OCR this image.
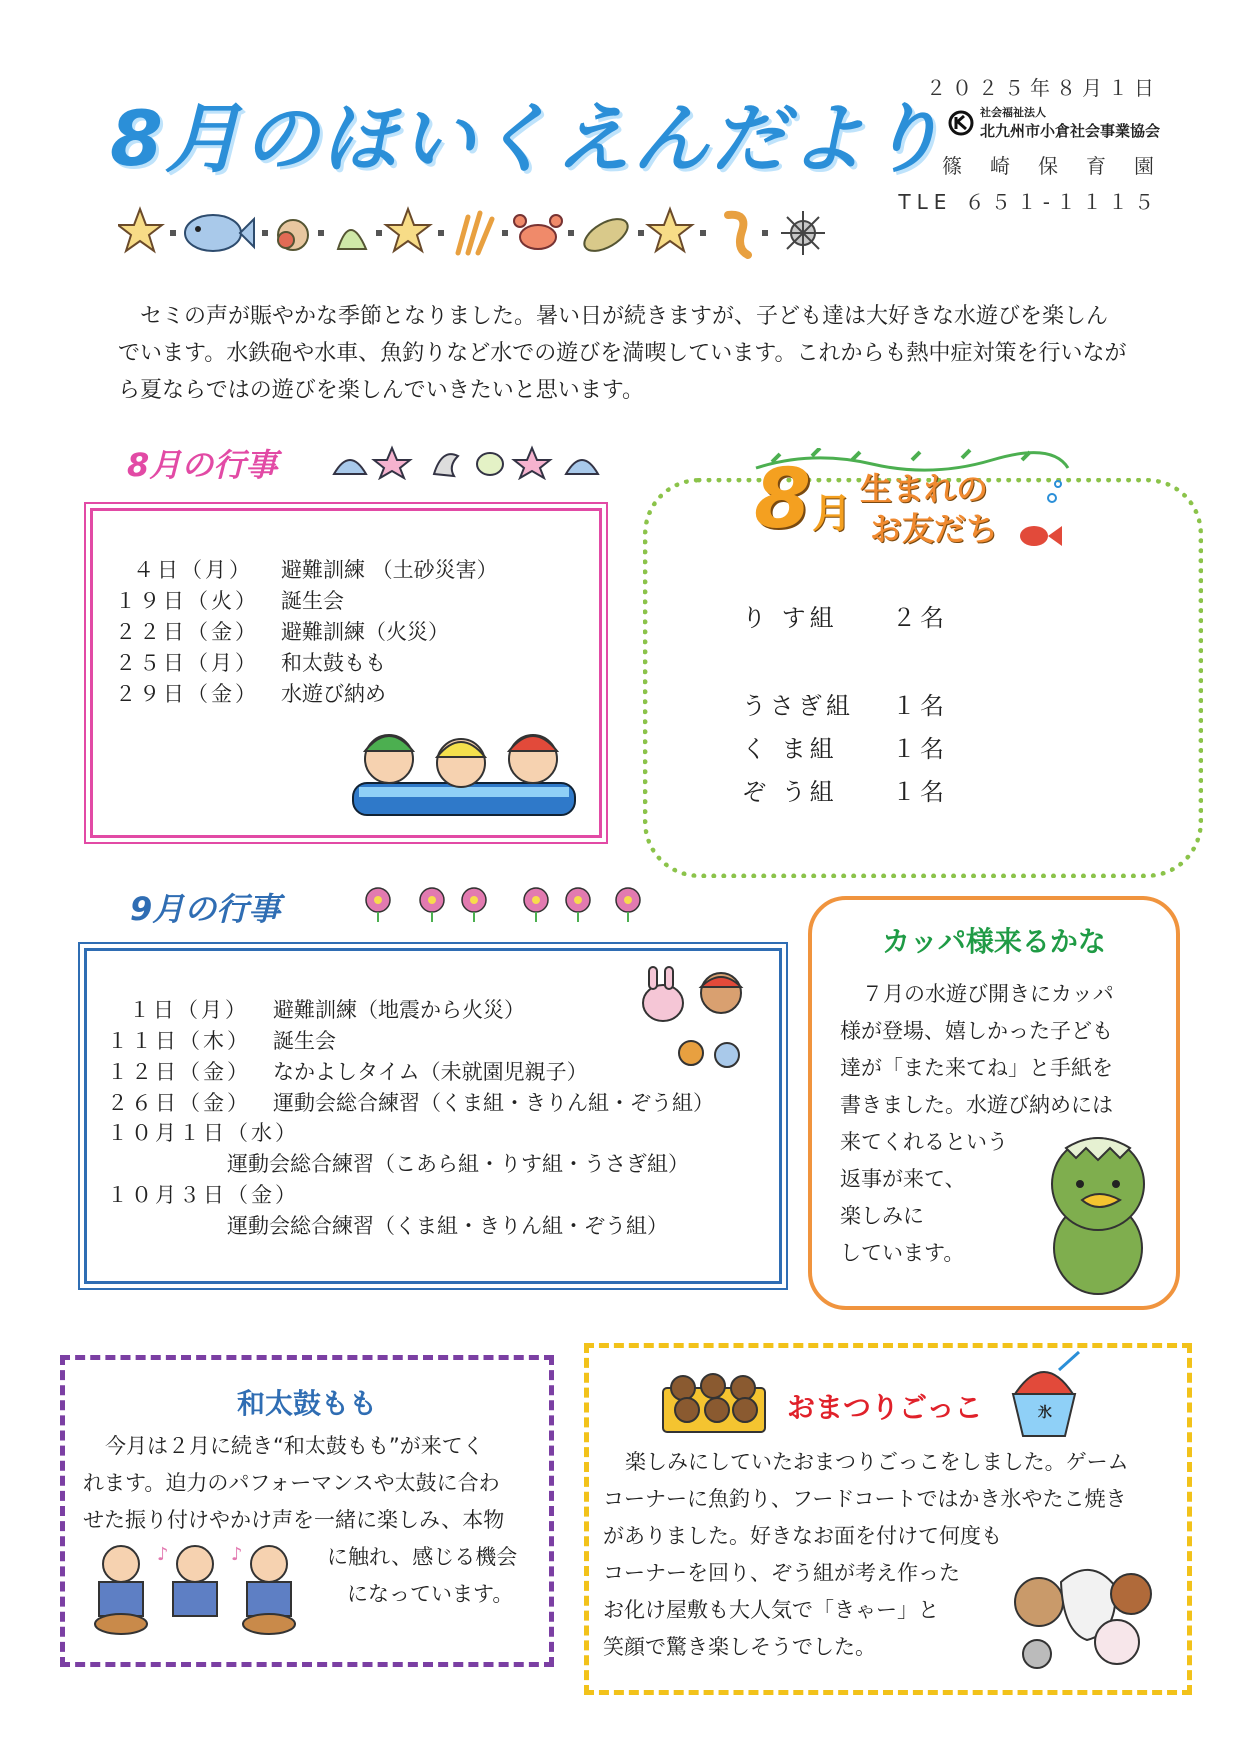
8月のほいくえんだより
２０２５年８月１日
社会福祉法人
北九州市小倉社会事業協会
篠崎保育園
TLE ６５１-１１１５
セミの声が賑やかな季節となりました。暑い日が続きますが、子ども達は大好きな水遊びを楽しんでいます。水鉄砲や水車、魚釣りなど水での遊びを満喫しています。これからも熱中症対策を行いながら夏ならではの遊びを楽しんでいきたいと思います。
8月の行事
４日（月）	避難訓練 （土砂災害）
１９日（火）	誕生会
２２日（金）	避難訓練（火災）
２５日（月）	和太鼓もも
２９日（金）	水遊び納め
8 月
生まれの
お友だち
り す組 ２名
うさぎ組 １名
く ま組 １名
ぞ う組 １名
9月の行事
１日（月）	避難訓練（地震から火災）
１１日（木）	誕生会
１２日（金）	なかよしタイム（未就園児親子）
２６日（金）	運動会総合練習（くま組・きりん組・ぞう組）
１０月１日（水）
運動会総合練習（こあら組・りす組・うさぎ組）
１０月３日（金）
運動会総合練習（くま組・きりん組・ぞう組）
カッパ様来るかな
７月の水遊び開きにカッパ
様が登場、嬉しかった子ども
達が「また来てね」と手紙を
書きました。水遊び納めには
来てくれるという
返事が来て、
楽しみに
しています。
和太鼓もも
今月は２月に続き“和太鼓もも”が来てく
れます。迫力のパフォーマンスや太鼓に合わ
せた振り付けやかけ声を一緒に楽しみ、本物
に触れ、感じる機会
になっています。
♪	♪
おまつりごっこ	氷
楽しみにしていたおまつりごっこをしました。ゲーム
コーナーに魚釣り、フードコートではかき氷やたこ焼き
がありました。好きなお面を付けて何度も
コーナーを回り、ぞう組が考え作った
お化け屋敷も大人気で「きゃー」と
笑顔で驚き楽しそうでした。
